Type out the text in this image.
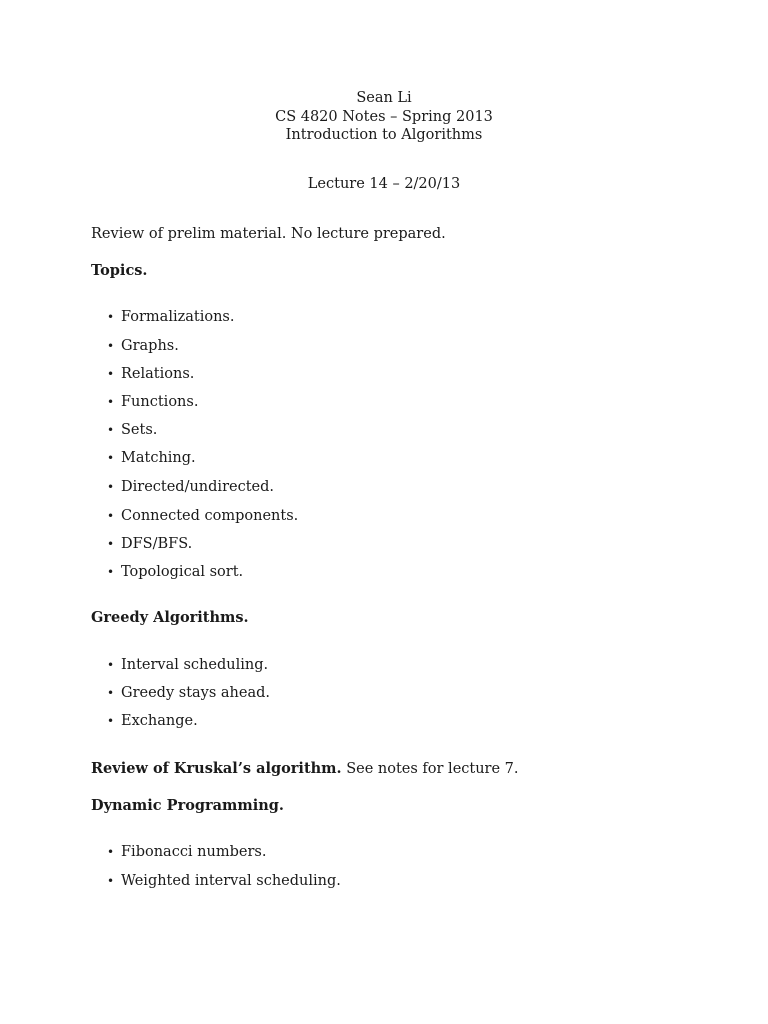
Sean Li
CS 4820 Notes – Spring 2013
Introduction to Algorithms
Lecture 14 – 2/20/13
Review of prelim material. No lecture prepared.
Topics.
• Formalizations.
• Graphs.
• Relations.
• Functions.
• Sets.
• Matching.
• Directed/undirected.
• Connected components.
• DFS/BFS.
• Topological sort.
Greedy Algorithms.
• Interval scheduling.
• Greedy stays ahead.
• Exchange.
Review of Kruskal’s algorithm. See notes for lecture 7.
Dynamic Programming.
• Fibonacci numbers.
• Weighted interval scheduling.
